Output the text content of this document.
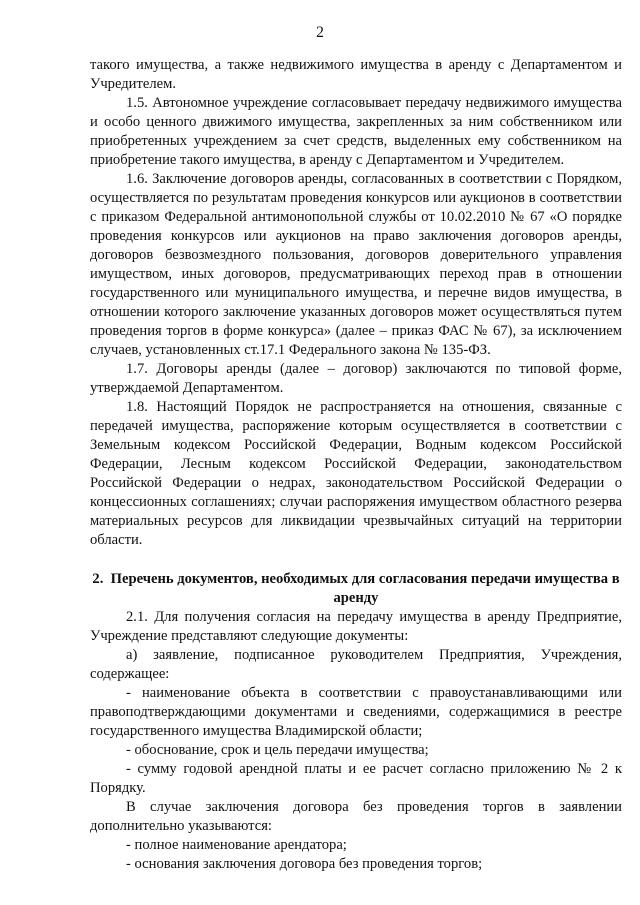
2

такого имущества, а также недвижимого имущества в аренду с Департаментом и Учредителем.

1.5. Автономное учреждение согласовывает передачу недвижимого имущества и особо ценного движимого имущества, закрепленных за ним собственником или приобретенных учреждением за счет средств, выделенных ему собственником на приобретение такого имущества, в аренду с Департаментом и Учредителем.

1.6. Заключение договоров аренды, согласованных в соответствии с Порядком, осуществляется по результатам проведения конкурсов или аукционов в соответствии с приказом Федеральной антимонопольной службы от 10.02.2010 № 67 «О порядке проведения конкурсов или аукционов на право заключения договоров аренды, договоров безвозмездного пользования, договоров доверительного управления имуществом, иных договоров, предусматривающих переход прав в отношении государственного или муниципального имущества, и перечне видов имущества, в отношении которого заключение указанных договоров может осуществляться путем проведения торгов в форме конкурса» (далее – приказ ФАС № 67), за исключением случаев, установленных ст.17.1 Федерального закона № 135-ФЗ.

1.7. Договоры аренды (далее – договор) заключаются по типовой форме, утверждаемой Департаментом.

1.8. Настоящий Порядок не распространяется на отношения, связанные с передачей имущества, распоряжение которым осуществляется в соответствии с Земельным кодексом Российской Федерации, Водным кодексом Российской Федерации, Лесным кодексом Российской Федерации, законодательством Российской Федерации о недрах, законодательством Российской Федерации о концессионных соглашениях; случаи распоряжения имуществом областного резерва материальных ресурсов для ликвидации чрезвычайных ситуаций на территории области.

2. Перечень документов, необходимых для согласования передачи имущества в аренду

2.1. Для получения согласия на передачу имущества в аренду Предприятие, Учреждение представляют следующие документы:

а) заявление, подписанное руководителем Предприятия, Учреждения, содержащее:

- наименование объекта в соответствии с правоустанавливающими или правоподтверждающими документами и сведениями, содержащимися в реестре государственного имущества Владимирской области;

- обоснование, срок и цель передачи имущества;

- сумму годовой арендной платы и ее расчет согласно приложению № 2 к Порядку.

В случае заключения договора без проведения торгов в заявлении дополнительно указываются:

- полное наименование арендатора;

- основания заключения договора без проведения торгов;
